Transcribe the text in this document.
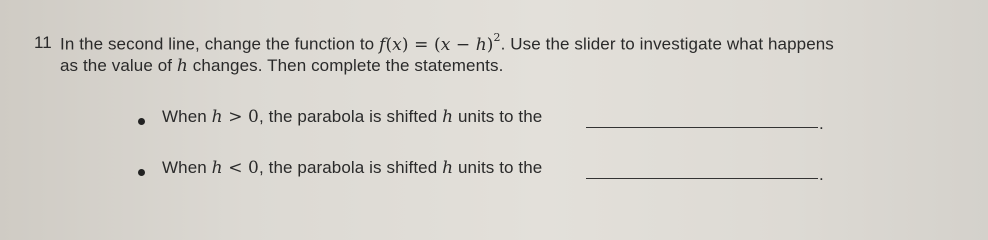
11 In the second line, change the function to $f(x) = (x - h)^2$. Use the slider to investigate what happens
as the value of h changes. Then complete the statements.
When h > 0, the parabola is shifted h units to the	.
When h < 0, the parabola is shifted h units to the	.
